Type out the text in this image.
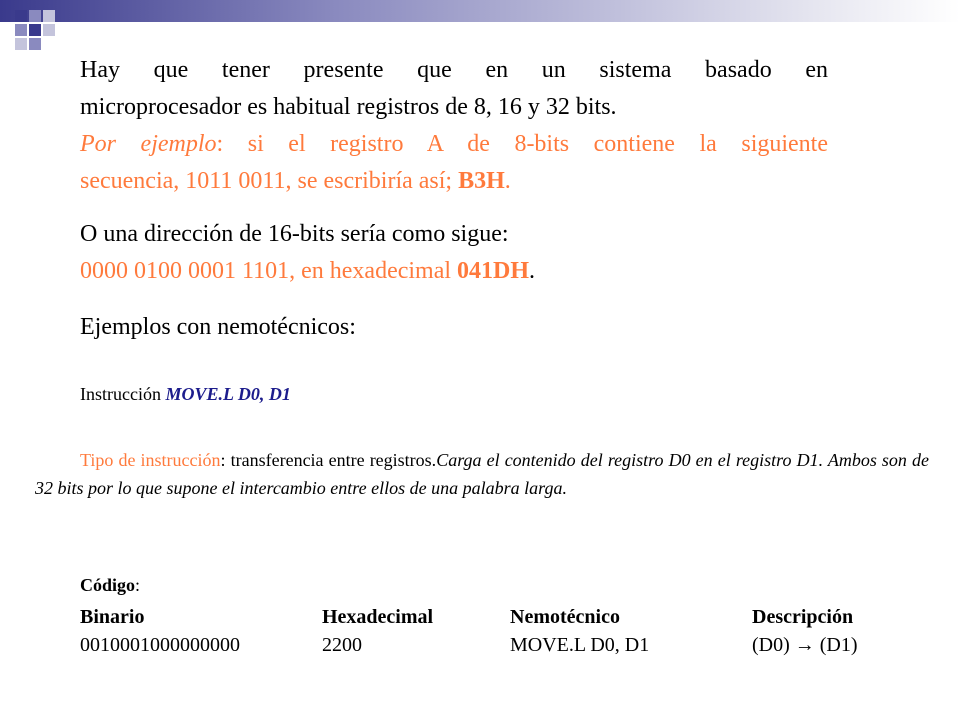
Hay que tener presente que en un sistema basado en
microprocesador es habitual registros de 8, 16 y 32 bits.
Por ejemplo: si el registro A de 8-bits contiene la siguiente
secuencia, 1011 0011, se escribiría así; B3H.
O una dirección de 16-bits sería como sigue:
0000 0100 0001 1101, en hexadecimal 041DH.
Ejemplos con nemotécnicos:
Instrucción MOVE.L D0, D1
Tipo de instrucción: transferencia entre registros.Carga el contenido del registro D0 en el registro D1. Ambos son de 32 bits por lo que supone el intercambio entre ellos de una palabra larga.
Código:
Binario	Hexadecimal	Nemotécnico	Descripción
0010001000000000	2200	MOVE.L D0, D1	(D0) → (D1)
